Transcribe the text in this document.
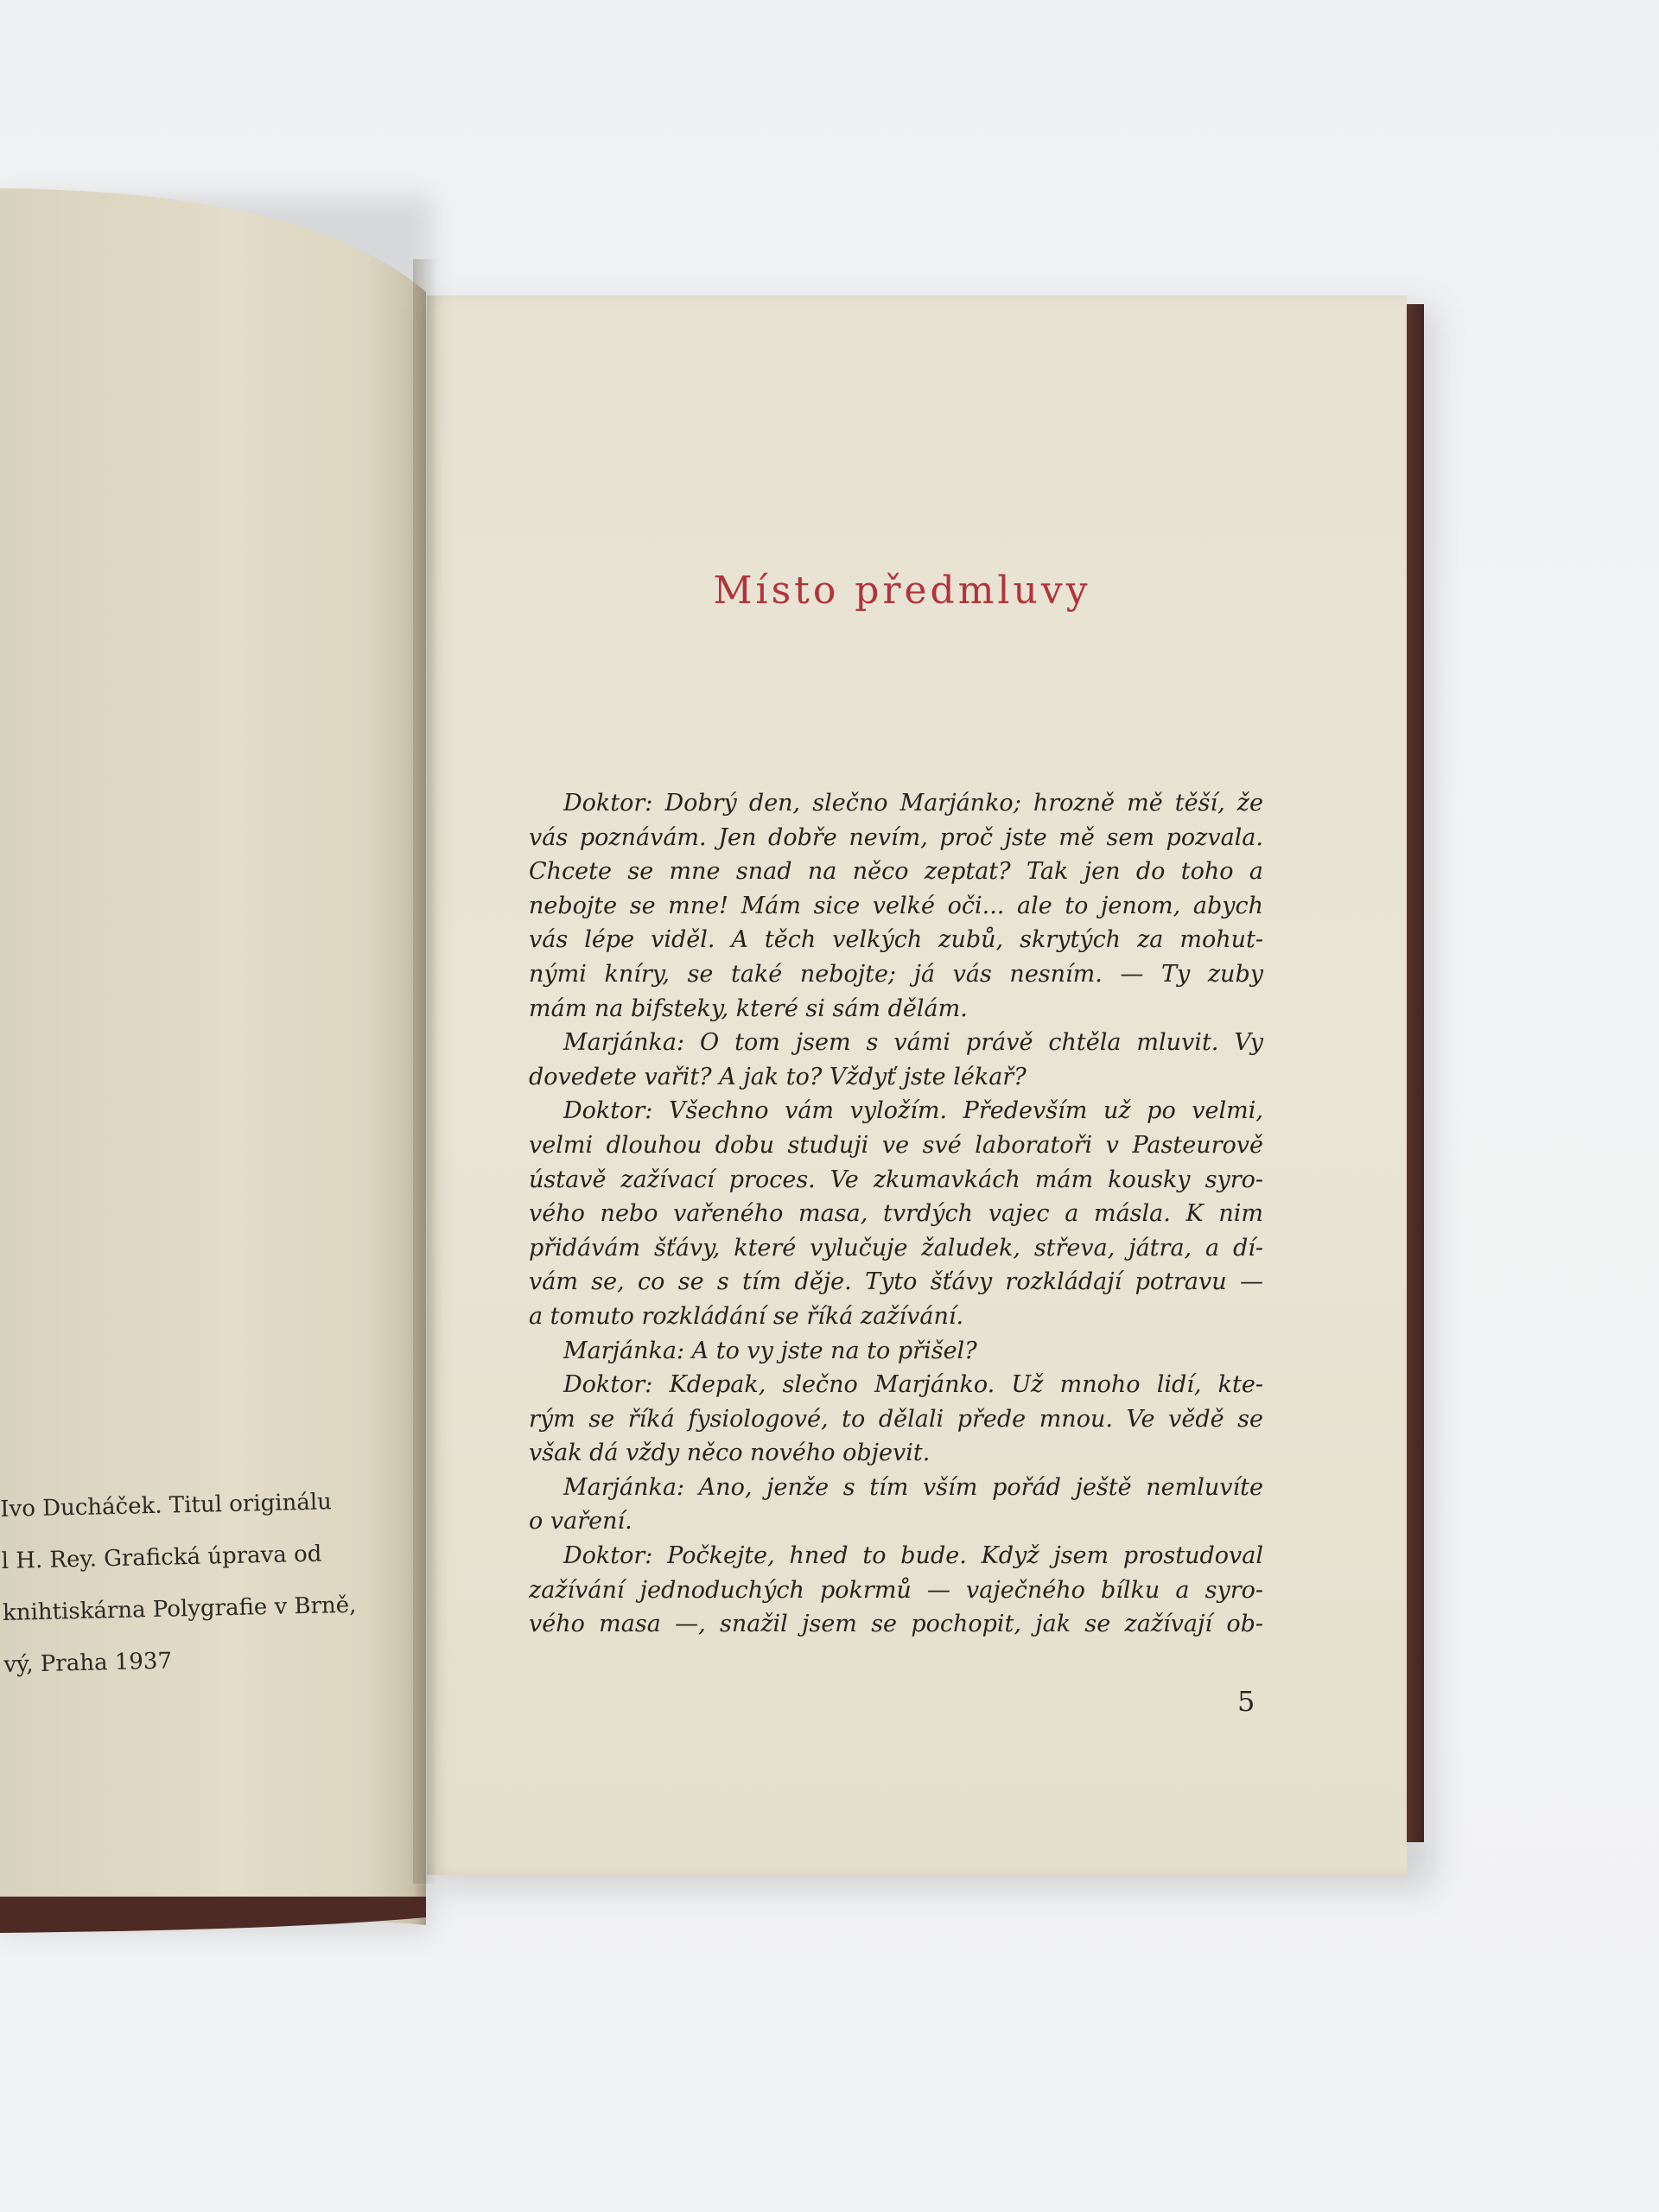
Ivo Ducháček. Titul originálu
l H. Rey. Grafická úprava od
knihtiskárna Polygrafie v Brně,
vý, Praha 1937
Místo předmluvy
Doktor: Dobrý den, slečno Marjánko; hrozně mě těší, že
vás poznávám. Jen dobře nevím, proč jste mě sem pozvala.
Chcete se mne snad na něco zeptat? Tak jen do toho a
nebojte se mne! Mám sice velké oči... ale to jenom, abych
vás lépe viděl. A těch velkých zubů, skrytých za mohut-
nými kníry, se také nebojte; já vás nesním. — Ty zuby
mám na bifsteky, které si sám dělám.
Marjánka: O tom jsem s vámi právě chtěla mluvit. Vy
dovedete vařit? A jak to? Vždyť jste lékař?
Doktor: Všechno vám vyložím. Především už po velmi,
velmi dlouhou dobu studuji ve své laboratoři v Pasteurově
ústavě zažívací proces. Ve zkumavkách mám kousky syro-
vého nebo vařeného masa, tvrdých vajec a másla. K nim
přidávám šťávy, které vylučuje žaludek, střeva, játra, a dí-
vám se, co se s tím děje. Tyto šťávy rozkládají potravu —
a tomuto rozkládání se říká zažívání.
Marjánka: A to vy jste na to přišel?
Doktor: Kdepak, slečno Marjánko. Už mnoho lidí, kte-
rým se říká fysiologové, to dělali přede mnou. Ve vědě se
však dá vždy něco nového objevit.
Marjánka: Ano, jenže s tím vším pořád ještě nemluvíte
o vaření.
Doktor: Počkejte, hned to bude. Když jsem prostudoval
zažívání jednoduchých pokrmů — vaječného bílku a syro-
vého masa —, snažil jsem se pochopit, jak se zažívají ob-
5
